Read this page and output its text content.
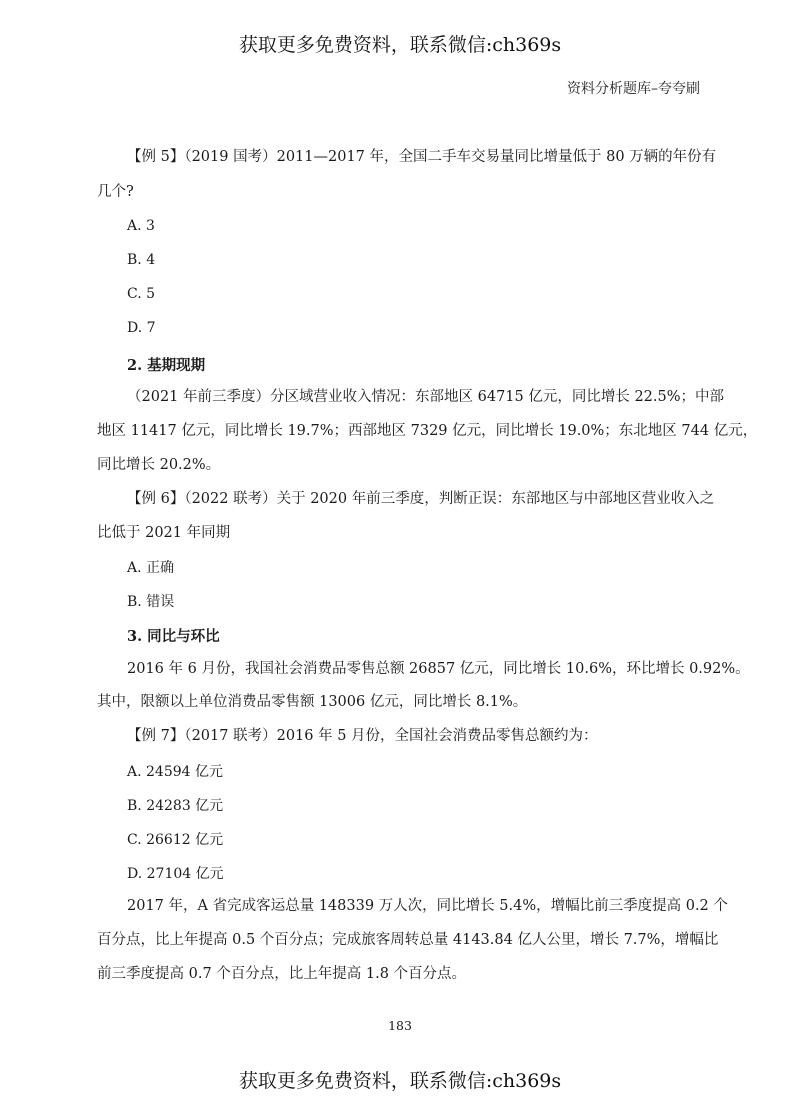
获取更多免费资料，联系微信:ch369s
资料分析题库–夸夸刷
【例 5】（2019 国考）2011—2017 年，全国二手车交易量同比增量低于 80 万辆的年份有
几个?
A. 3
B. 4
C. 5
D. 7
2. 基期现期
（2021 年前三季度）分区域营业收入情况：东部地区 64715 亿元，同比增长 22.5%；中部
地区 11417 亿元，同比增长 19.7%；西部地区 7329 亿元，同比增长 19.0%；东北地区 744 亿元，
同比增长 20.2%。
【例 6】（2022 联考）关于 2020 年前三季度，判断正误：东部地区与中部地区营业收入之
比低于 2021 年同期
A. 正确
B. 错误
3. 同比与环比
2016 年 6 月份，我国社会消费品零售总额 26857 亿元，同比增长 10.6%，环比增长 0.92%。
其中，限额以上单位消费品零售额 13006 亿元，同比增长 8.1%。
【例 7】（2017 联考）2016 年 5 月份，全国社会消费品零售总额约为：
A. 24594 亿元
B. 24283 亿元
C. 26612 亿元
D. 27104 亿元
2017 年，A 省完成客运总量 148339 万人次，同比增长 5.4%，增幅比前三季度提高 0.2 个
百分点，比上年提高 0.5 个百分点；完成旅客周转总量 4143.84 亿人公里，增长 7.7%，增幅比
前三季度提高 0.7 个百分点，比上年提高 1.8 个百分点。
183
获取更多免费资料，联系微信:ch369s
